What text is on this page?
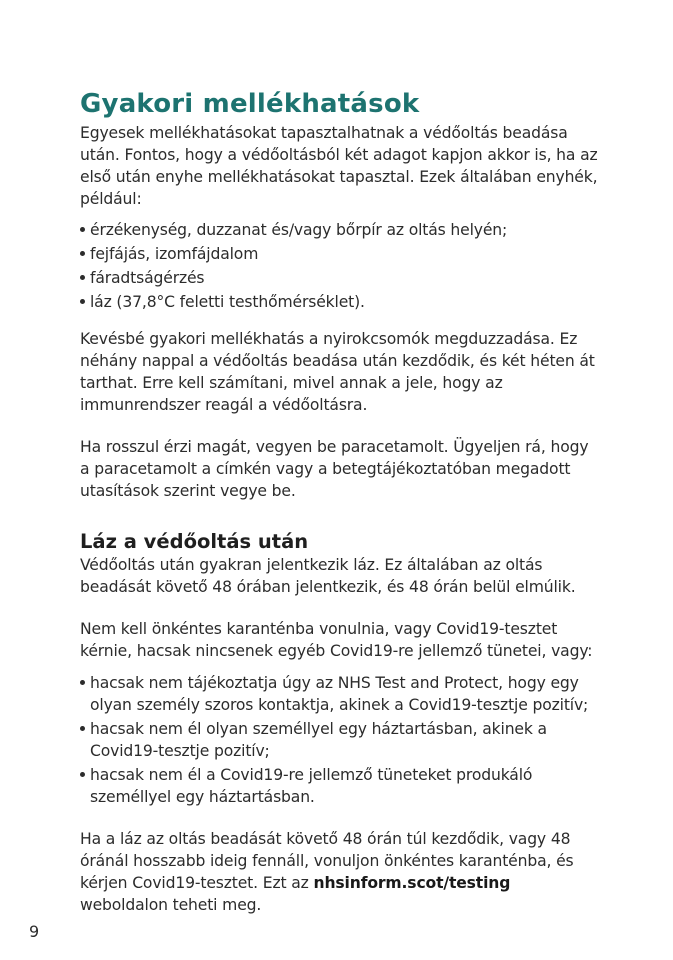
Gyakori mellékhatások

Egyesek mellékhatásokat tapasztalhatnak a védőoltás beadása után. Fontos, hogy a védőoltásból két adagot kapjon akkor is, ha az első után enyhe mellékhatásokat tapasztal. Ezek általában enyhék, például:

érzékenység, duzzanat és/vagy bőrpír az oltás helyén;
fejfájás, izomfájdalom
fáradtságérzés
láz (37,8°C feletti testhőmérséklet).

Kevésbé gyakori mellékhatás a nyirokcsomók megduzzadása. Ez néhány nappal a védőoltás beadása után kezdődik, és két héten át tarthat. Erre kell számítani, mivel annak a jele, hogy az immunrendszer reagál a védőoltásra.

Ha rosszul érzi magát, vegyen be paracetamolt. Ügyeljen rá, hogy a paracetamolt a címkén vagy a betegtájékoztatóban megadott utasítások szerint vegye be.

Láz a védőoltás után

Védőoltás után gyakran jelentkezik láz. Ez általában az oltás beadását követő 48 órában jelentkezik, és 48 órán belül elmúlik.

Nem kell önkéntes karanténba vonulnia, vagy Covid19-tesztet kérnie, hacsak nincsenek egyéb Covid19-re jellemző tünetei, vagy:

hacsak nem tájékoztatja úgy az NHS Test and Protect, hogy egy olyan személy szoros kontaktja, akinek a Covid19-tesztje pozitív;
hacsak nem él olyan személlyel egy háztartásban, akinek a Covid19-tesztje pozitív;
hacsak nem él a Covid19-re jellemző tüneteket produkáló személlyel egy háztartásban.

Ha a láz az oltás beadását követő 48 órán túl kezdődik, vagy 48 óránál hosszabb ideig fennáll, vonuljon önkéntes karanténba, és kérjen Covid19-tesztet. Ezt az nhsinform.scot/testing weboldalon teheti meg.

9
